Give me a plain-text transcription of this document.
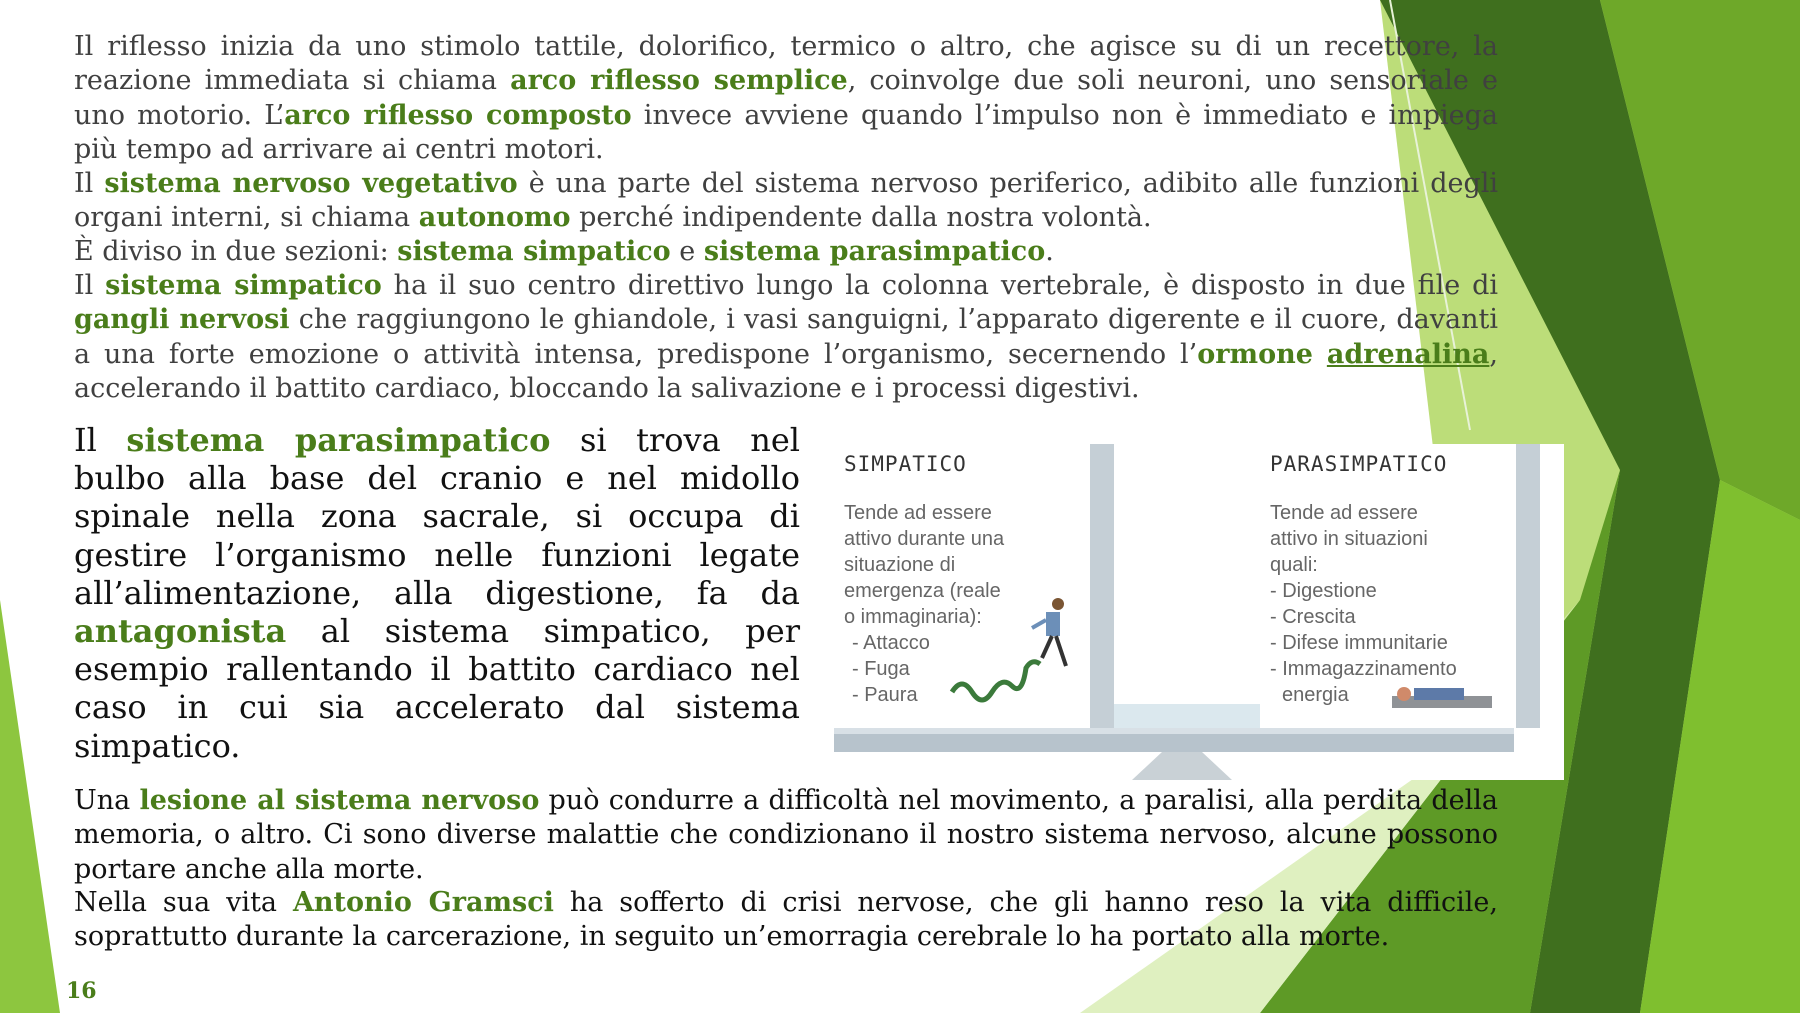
Il riflesso inizia da uno stimolo tattile, dolorifico, termico o altro, che agisce su di un recettore, la reazione immediata si chiama arco riflesso semplice, coinvolge due soli neuroni, uno sensoriale e uno motorio. L’arco riflesso composto invece avviene quando l’impulso non è immediato e impiega più tempo ad arrivare ai centri motori.

Il sistema nervoso vegetativo è una parte del sistema nervoso periferico, adibito alle funzioni degli organi interni, si chiama autonomo perché indipendente dalla nostra volontà.

È diviso in due sezioni: sistema simpatico e sistema parasimpatico.

Il sistema simpatico ha il suo centro direttivo lungo la colonna vertebrale, è disposto in due file di gangli nervosi che raggiungono le ghiandole, i vasi sanguigni, l’apparato digerente e il cuore, davanti a una forte emozione o attività intensa, predispone l’organismo, secernendo l’ormone adrenalina, accelerando il battito cardiaco, bloccando la salivazione e i processi digestivi.

Il sistema parasimpatico si trova nel bulbo alla base del cranio e nel midollo spinale nella zona sacrale, si occupa di gestire l’organismo nelle funzioni legate all’alimentazione, alla digestione, fa da antagonista al sistema simpatico, per esempio rallentando il battito cardiaco nel caso in cui sia accelerato dal sistema simpatico.

SIMPATICO
Tende ad essere
attivo durante una
situazione di
emergenza (reale
o immaginaria):
- Attacco
- Fuga
- Paura
PARASIMPATICO
Tende ad essere
attivo in situazioni
quali:
- Digestione
- Crescita
- Difese immunitarie
- Immagazzinamento
energia

Una lesione al sistema nervoso può condurre a difficoltà nel movimento, a paralisi, alla perdita della memoria, o altro. Ci sono diverse malattie che condizionano il nostro sistema nervoso, alcune possono portare anche alla morte.

Nella sua vita Antonio Gramsci ha sofferto di crisi nervose, che gli hanno reso la vita difficile, soprattutto durante la carcerazione, in seguito un’emorragia cerebrale lo ha portato alla morte.

16
